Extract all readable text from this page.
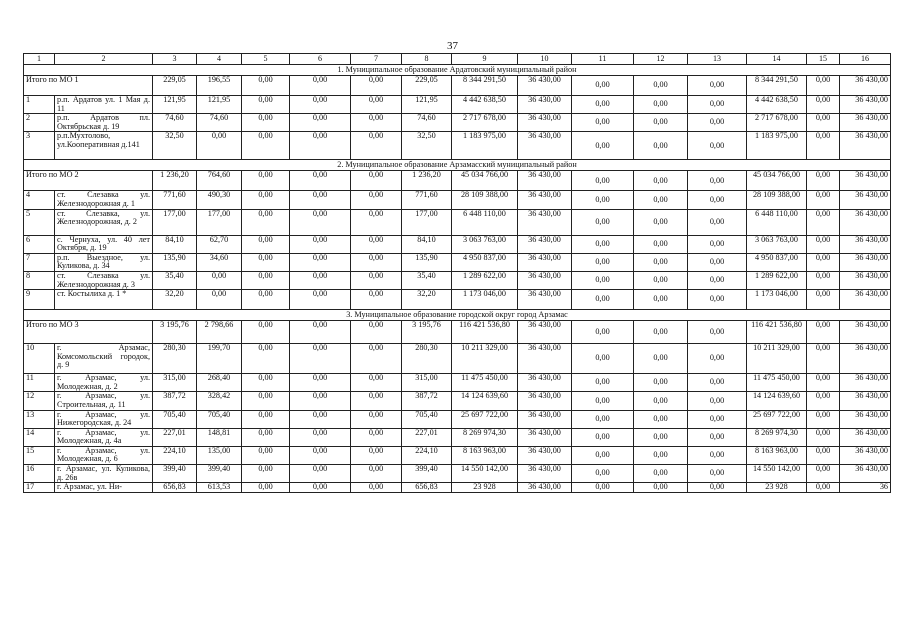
37
1	2	3	4	5	6	7	8	9	10	11	12	13	14	15	16
1. Муниципальное образование Ардатовский муниципальный район															
Итого по МО 1		229,05	196,55	0,00	0,00	0,00	229,05	8 344 291,50	36 430,00	0,00	0,00	0,00	8 344 291,50	0,00	36 430,00
1	р.п. Ардатов ул. 1 Мая д. 11	121,95	121,95	0,00	0,00	0,00	121,95	4 442 638,50	36 430,00	0,00	0,00	0,00	4 442 638,50	0,00	36 430,00
2	р.п. Ардатов пл. Октябрьская д. 19	74,60	74,60	0,00	0,00	0,00	74,60	2 717 678,00	36 430,00	0,00	0,00	0,00	2 717 678,00	0,00	36 430,00
3	р.п.Мухтолово, ул.Кооперативная д.141	32,50	0,00	0,00	0,00	0,00	32,50	1 183 975,00	36 430,00	0,00	0,00	0,00	1 183 975,00	0,00	36 430,00
2. Муниципальное образование Арзамасский муниципальный район															
Итого по МО 2		1 236,20	764,60	0,00	0,00	0,00	1 236,20	45 034 766,00	36 430,00	0,00	0,00	0,00	45 034 766,00	0,00	36 430,00
4	ст. Слезавка ул. Железнодорожная д. 1	771,60	490,30	0,00	0,00	0,00	771,60	28 109 388,00	36 430,00	0,00	0,00	0,00	28 109 388,00	0,00	36 430,00
5	ст. Слезавка, ул. Железнодорожная, д. 2	177,00	177,00	0,00	0,00	0,00	177,00	6 448 110,00	36 430,00	0,00	0,00	0,00	6 448 110,00	0,00	36 430,00
6	с. Чернуха, ул. 40 лет Октября, д. 19	84,10	62,70	0,00	0,00	0,00	84,10	3 063 763,00	36 430,00	0,00	0,00	0,00	3 063 763,00	0,00	36 430,00
7	р.п. Выездное, ул. Куликова, д. 34	135,90	34,60	0,00	0,00	0,00	135,90	4 950 837,00	36 430,00	0,00	0,00	0,00	4 950 837,00	0,00	36 430,00
8	ст. Слезавка ул. Железнодорожная д. 3	35,40	0,00	0,00	0,00	0,00	35,40	1 289 622,00	36 430,00	0,00	0,00	0,00	1 289 622,00	0,00	36 430,00
9	ст. Костылиха д. 1 *	32,20	0,00	0,00	0,00	0,00	32,20	1 173 046,00	36 430,00	0,00	0,00	0,00	1 173 046,00	0,00	36 430,00
3. Муниципальное образование городской округ город Арзамас															
Итого по МО 3		3 195,76	2 798,66	0,00	0,00	0,00	3 195,76	116 421 536,80	36 430,00	0,00	0,00	0,00	116 421 536,80	0,00	36 430,00
10	г. Арзамас, Комсомольский городок, д. 9	280,30	199,70	0,00	0,00	0,00	280,30	10 211 329,00	36 430,00	0,00	0,00	0,00	10 211 329,00	0,00	36 430,00
11	г. Арзамас, ул. Молодежная, д. 2	315,00	268,40	0,00	0,00	0,00	315,00	11 475 450,00	36 430,00	0,00	0,00	0,00	11 475 450,00	0,00	36 430,00
12	г. Арзамас, ул. Строительная, д. 11	387,72	328,42	0,00	0,00	0,00	387,72	14 124 639,60	36 430,00	0,00	0,00	0,00	14 124 639,60	0,00	36 430,00
13	г. Арзамас, ул. Нижегородская, д. 24	705,40	705,40	0,00	0,00	0,00	705,40	25 697 722,00	36 430,00	0,00	0,00	0,00	25 697 722,00	0,00	36 430,00
14	г. Арзамас, ул. Молодежная, д. 4а	227,01	148,81	0,00	0,00	0,00	227,01	8 269 974,30	36 430,00	0,00	0,00	0,00	8 269 974,30	0,00	36 430,00
15	г. Арзамас, ул. Молодежная, д. 6	224,10	135,00	0,00	0,00	0,00	224,10	8 163 963,00	36 430,00	0,00	0,00	0,00	8 163 963,00	0,00	36 430,00
16	г. Арзамас, ул. Куликова, д. 26в	399,40	399,40	0,00	0,00	0,00	399,40	14 550 142,00	36 430,00	0,00	0,00	0,00	14 550 142,00	0,00	36 430,00
17	г. Арзамас, ул. Ни-	656,83	613,53	0,00	0,00	0,00	656,83	23 928	36 430,00	0,00	0,00	0,00	23 928	0,00	36
